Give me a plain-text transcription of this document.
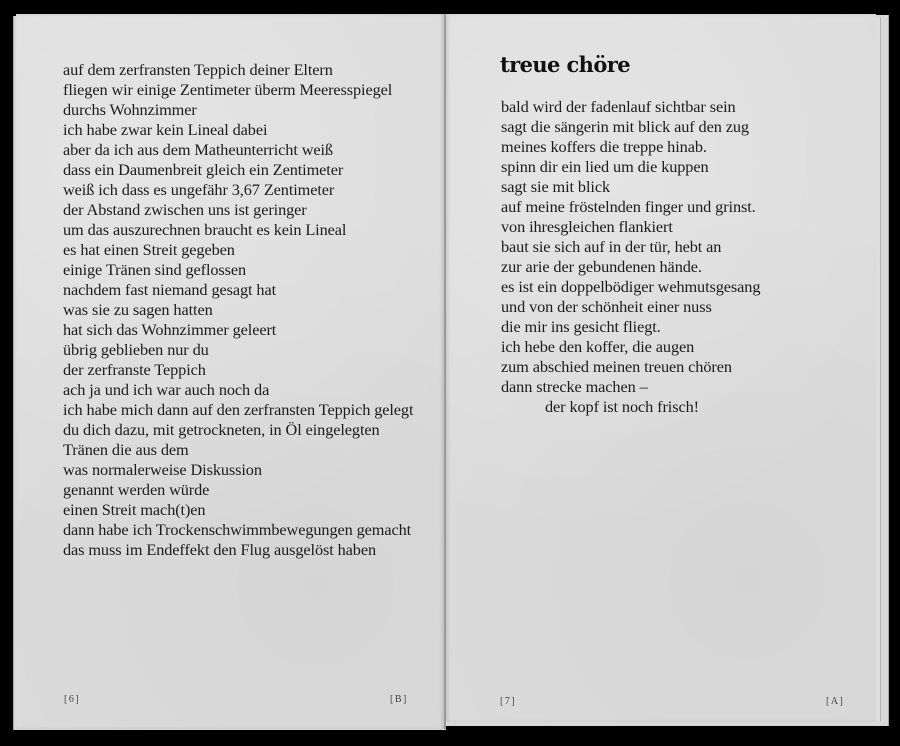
auf dem zerfransten Teppich deiner Eltern
fliegen wir einige Zentimeter überm Meeresspiegel
durchs Wohnzimmer
ich habe zwar kein Lineal dabei
aber da ich aus dem Matheunterricht weiß
dass ein Daumenbreit gleich ein Zentimeter
weiß ich dass es ungefähr 3,67 Zentimeter
der Abstand zwischen uns ist geringer
um das auszurechnen braucht es kein Lineal
es hat einen Streit gegeben
einige Tränen sind geflossen
nachdem fast niemand gesagt hat
was sie zu sagen hatten
hat sich das Wohnzimmer geleert
übrig geblieben nur du
der zerfranste Teppich
ach ja und ich war auch noch da
ich habe mich dann auf den zerfransten Teppich gelegt
du dich dazu, mit getrockneten, in Öl eingelegten
Tränen die aus dem
was normalerweise Diskussion
genannt werden würde
einen Streit mach(t)en
dann habe ich Trockenschwimmbewegungen gemacht
das muss im Endeffekt den Flug ausgelöst haben
[6]	[B]
treue chöre
bald wird der fadenlauf sichtbar sein
sagt die sängerin mit blick auf den zug
meines koffers die treppe hinab.
spinn dir ein lied um die kuppen
sagt sie mit blick
auf meine fröstelnden finger und grinst.
von ihresgleichen flankiert
baut sie sich auf in der tür, hebt an
zur arie der gebundenen hände.
es ist ein doppelbödiger wehmutsgesang
und von der schönheit einer nuss
die mir ins gesicht fliegt.
ich hebe den koffer, die augen
zum abschied meinen treuen chören
dann strecke machen –
der kopf ist noch frisch!
[7]	[A]
